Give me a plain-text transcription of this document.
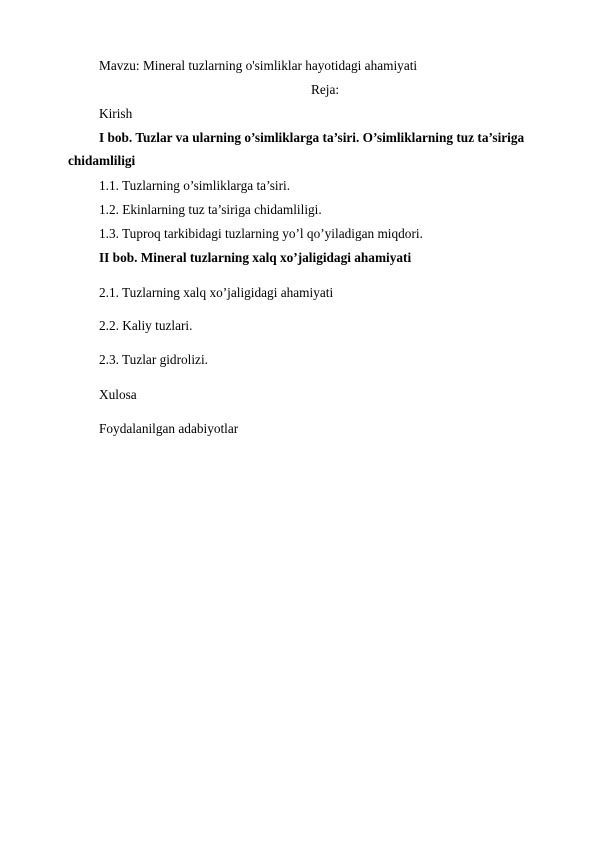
Mavzu: Mineral tuzlarning o'simliklar hayotidagi ahamiyati
Reja:
Kirish
I bob. Tuzlar va ularning o’simliklarga ta’siri. O’simliklarning tuz ta’siriga
chidamliligi
1.1. Tuzlarning o’simliklarga ta’siri.
1.2. Ekinlarning tuz ta’siriga chidamliligi.
1.3. Tuproq tarkibidagi tuzlarning yo’l qo’yiladigan miqdori.
II bob. Mineral tuzlarning xalq xo’jaligidagi ahamiyati
2.1. Tuzlarning xalq xo’jaligidagi ahamiyati
2.2. Kaliy tuzlari.
2.3. Tuzlar gidrolizi.
Xulosa
Foydalanilgan adabiyotlar
